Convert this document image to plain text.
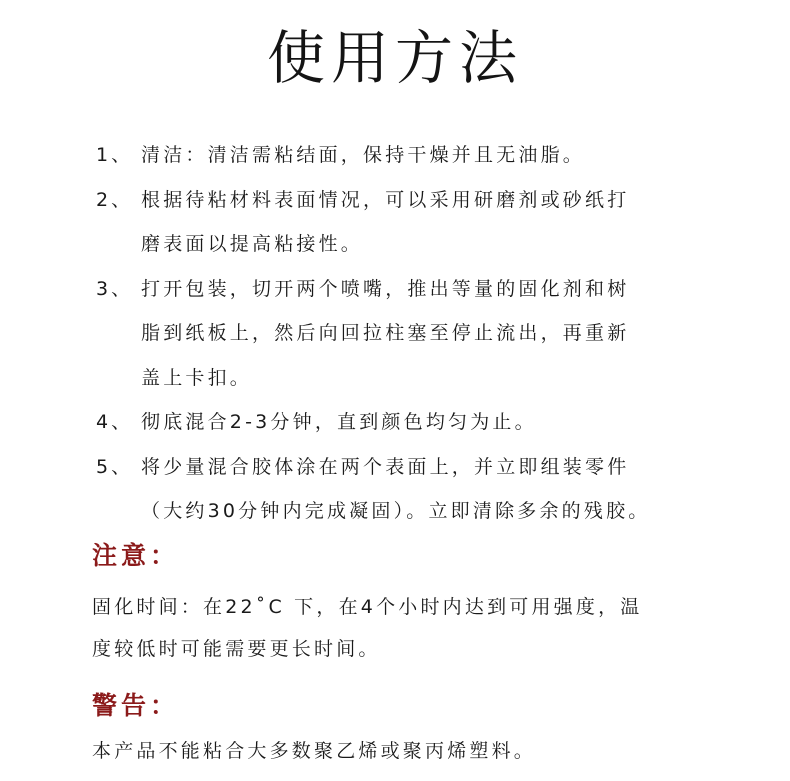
使用方法
1、 清洁：清洁需粘结面，保持干燥并且无油脂。
2、 根据待粘材料表面情况，可以采用研磨剂或砂纸打
磨表面以提高粘接性。
3、 打开包装，切开两个喷嘴，推出等量的固化剂和树
脂到纸板上，然后向回拉柱塞至停止流出，再重新
盖上卡扣。
4、 彻底混合2-3分钟，直到颜色均匀为止。
5、 将少量混合胶体涂在两个表面上，并立即组装零件
（大约30分钟内完成凝固）。立即清除多余的残胶。
注意：
固化时间：在22˚C 下，在4个小时内达到可用强度，温
度较低时可能需要更长时间。
警告：
本产品不能粘合大多数聚乙烯或聚丙烯塑料。
